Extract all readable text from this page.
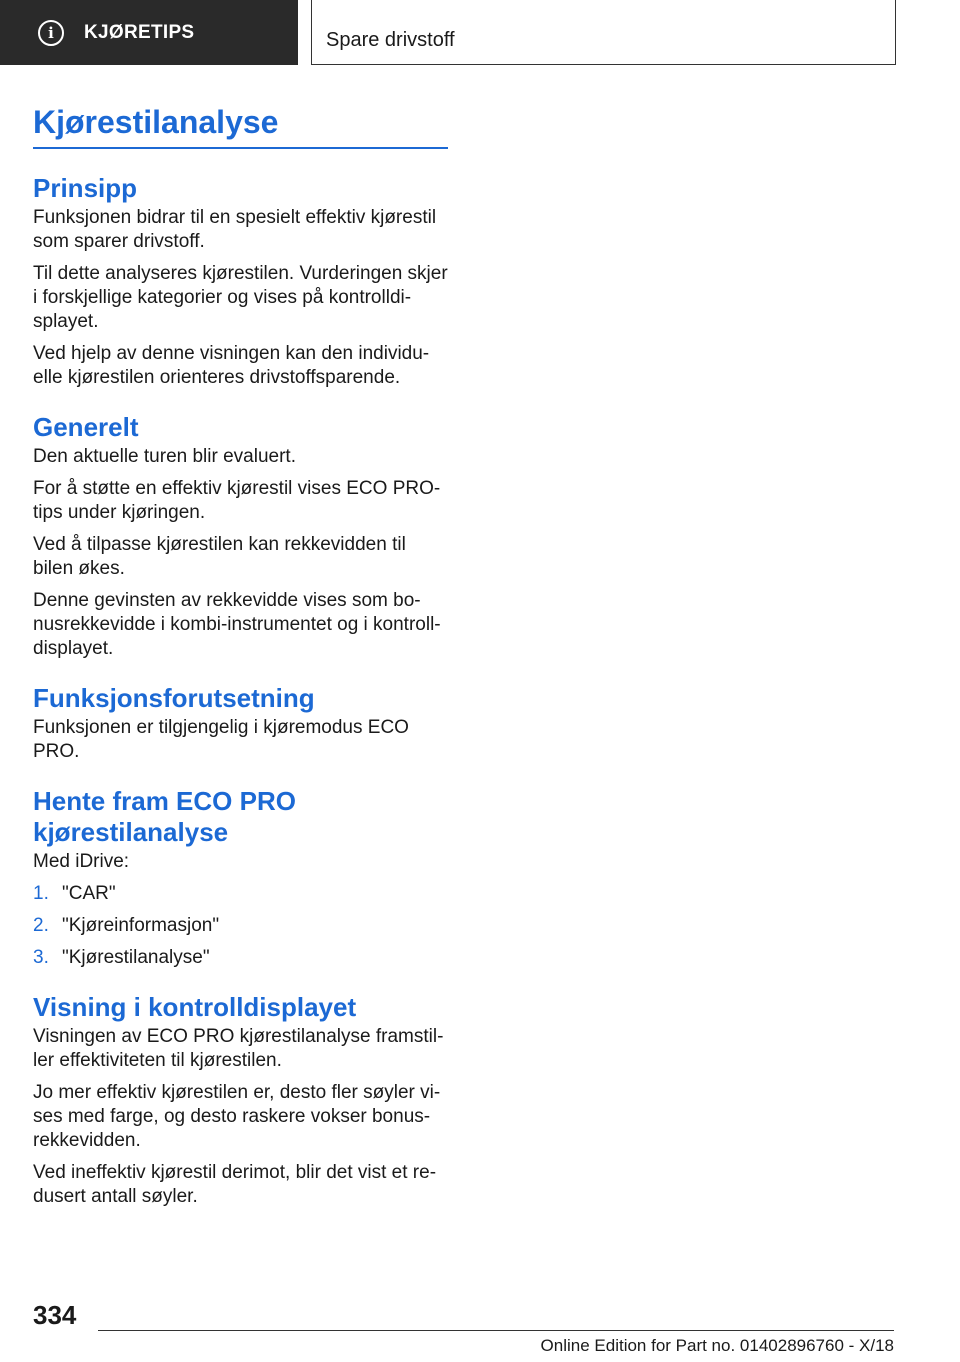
i	KJØRETIPS	Spare drivstoff
Kjørestilanalyse
Prinsipp

Funksjonen bidrar til en spesielt effektiv kjørestil som sparer drivstoff.

Til dette analyseres kjørestilen. Vurderingen skjer i forskjellige kategorier og vises på kontrolldi-splayet.

Ved hjelp av denne visningen kan den individu-elle kjørestilen orienteres drivstoffsparende.

Generelt

Den aktuelle turen blir evaluert.

For å støtte en effektiv kjørestil vises ECO PRO-tips under kjøringen.

Ved å tilpasse kjørestilen kan rekkevidden til bilen økes.

Denne gevinsten av rekkevidde vises som bo-nusrekkevidde i kombi-instrumentet og i kontroll-displayet.

Funksjonsforutsetning

Funksjonen er tilgjengelig i kjøremodus ECO PRO.

Hente fram ECO PRO kjørestilanalyse

Med iDrive:

1. "CAR"
2. "Kjøreinformasjon"
3. "Kjørestilanalyse"
Visning i kontrolldisplayet

Visningen av ECO PRO kjørestilanalyse framstil-ler effektiviteten til kjørestilen.

Jo mer effektiv kjørestilen er, desto fler søyler vi-ses med farge, og desto raskere vokser bonus-rekkevidden.

Ved ineffektiv kjørestil derimot, blir det vist et re-dusert antall søyler.

334
Online Edition for Part no. 01402896760 - X/18
